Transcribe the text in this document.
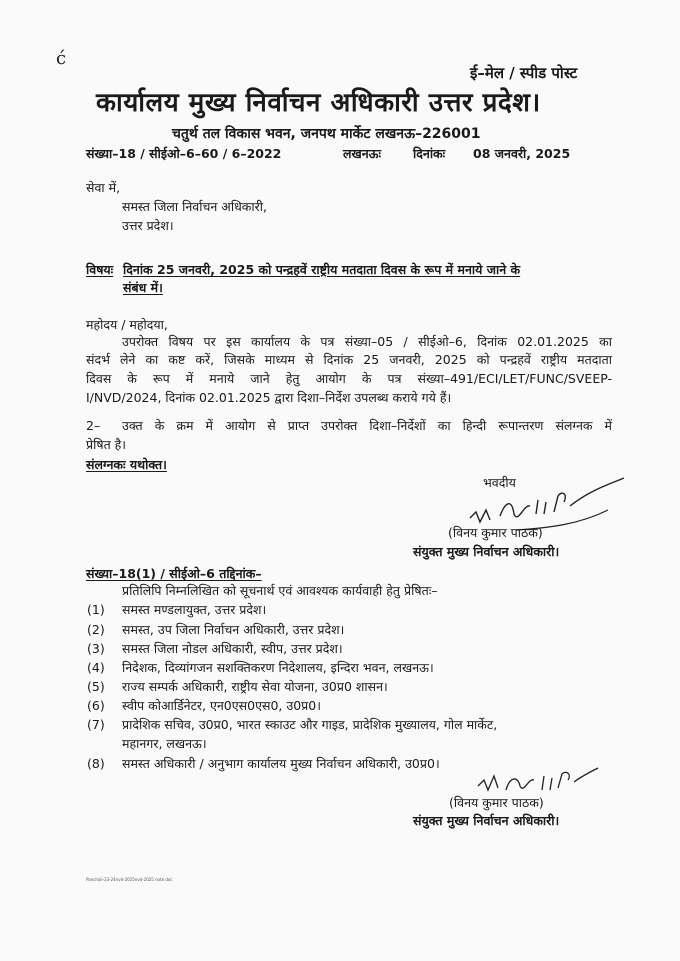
ć
ई–मेल / स्पीड पोस्ट
कार्यालय मुख्य निर्वाचन अधिकारी उत्तर प्रदेश।
चतुर्थ तल विकास भवन, जनपथ मार्केट लखनऊ–226001
संख्या–18 / सीईओ–6–60 / 6–2022	लखनऊः	दिनांकः 08 जनवरी, 2025
सेवा में,
समस्त जिला निर्वाचन अधिकारी,
उत्तर प्रदेश।
विषयः दिनांक 25 जनवरी, 2025 को पन्द्रहवें राष्ट्रीय मतदाता दिवस के रूप में मनाये जाने के
संबंध में।
महोदय / महोदया,
उपरोक्त विषय पर इस कार्यालय के पत्र संख्या–05 / सीईओ–6, दिनांक 02.01.2025 का
संदर्भ लेने का कष्ट करें, जिसके माध्यम से दिनांक 25 जनवरी, 2025 को पन्द्रहवें राष्ट्रीय मतदाता
दिवस के रूप में मनाये जाने हेतु आयोग के पत्र संख्या–491/ECI/LET/FUNC/SVEEP-
I/NVD/2024, दिनांक 02.01.2025 द्वारा दिशा–निर्देश उपलब्ध कराये गये हैं।
2– उक्त के क्रम में आयोग से प्राप्त उपरोक्त दिशा–निर्देशों का हिन्दी रूपान्तरण संलग्नक में
प्रेषित है।
संलग्नकः यथोक्त।
भवदीय
(विनय कुमार पाठक)
संयुक्त मुख्य निर्वाचन अधिकारी।
संख्या–18(1) / सीईओ–6 तद्दिनांक–
प्रतिलिपि निम्नलिखित को सूचनार्थ एवं आवश्यक कार्यवाही हेतु प्रेषितः–
(1) समस्त मण्डलायुक्त, उत्तर प्रदेश।
(2) समस्त, उप जिला निर्वाचन अधिकारी, उत्तर प्रदेश।
(3) समस्त जिला नोडल अधिकारी, स्वीप, उत्तर प्रदेश।
(4) निदेशक, दिव्यांगजन सशक्तिकरण निदेशालय, इन्दिरा भवन, लखनऊ।
(5) राज्य सम्पर्क अधिकारी, राष्ट्रीय सेवा योजना, उ0प्र0 शासन।
(6) स्वीप कोआर्डिनेटर, एन0एस0एस0, उ0प्र0।
(7) प्रादेशिक सचिव, उ0प्र0, भारत स्काउट और गाइड, प्रादेशिक मुख्यालय, गोल मार्केट,
महानगर, लखनऊ।
(8) समस्त अधिकारी / अनुभाग कार्यालय मुख्य निर्वाचन अधिकारी, उ0प्र0।
(विनय कुमार पाठक)
संयुक्त मुख्य निर्वाचन अधिकारी।
Panchali-23-24nvd-2025nvd-2025 note.doc
